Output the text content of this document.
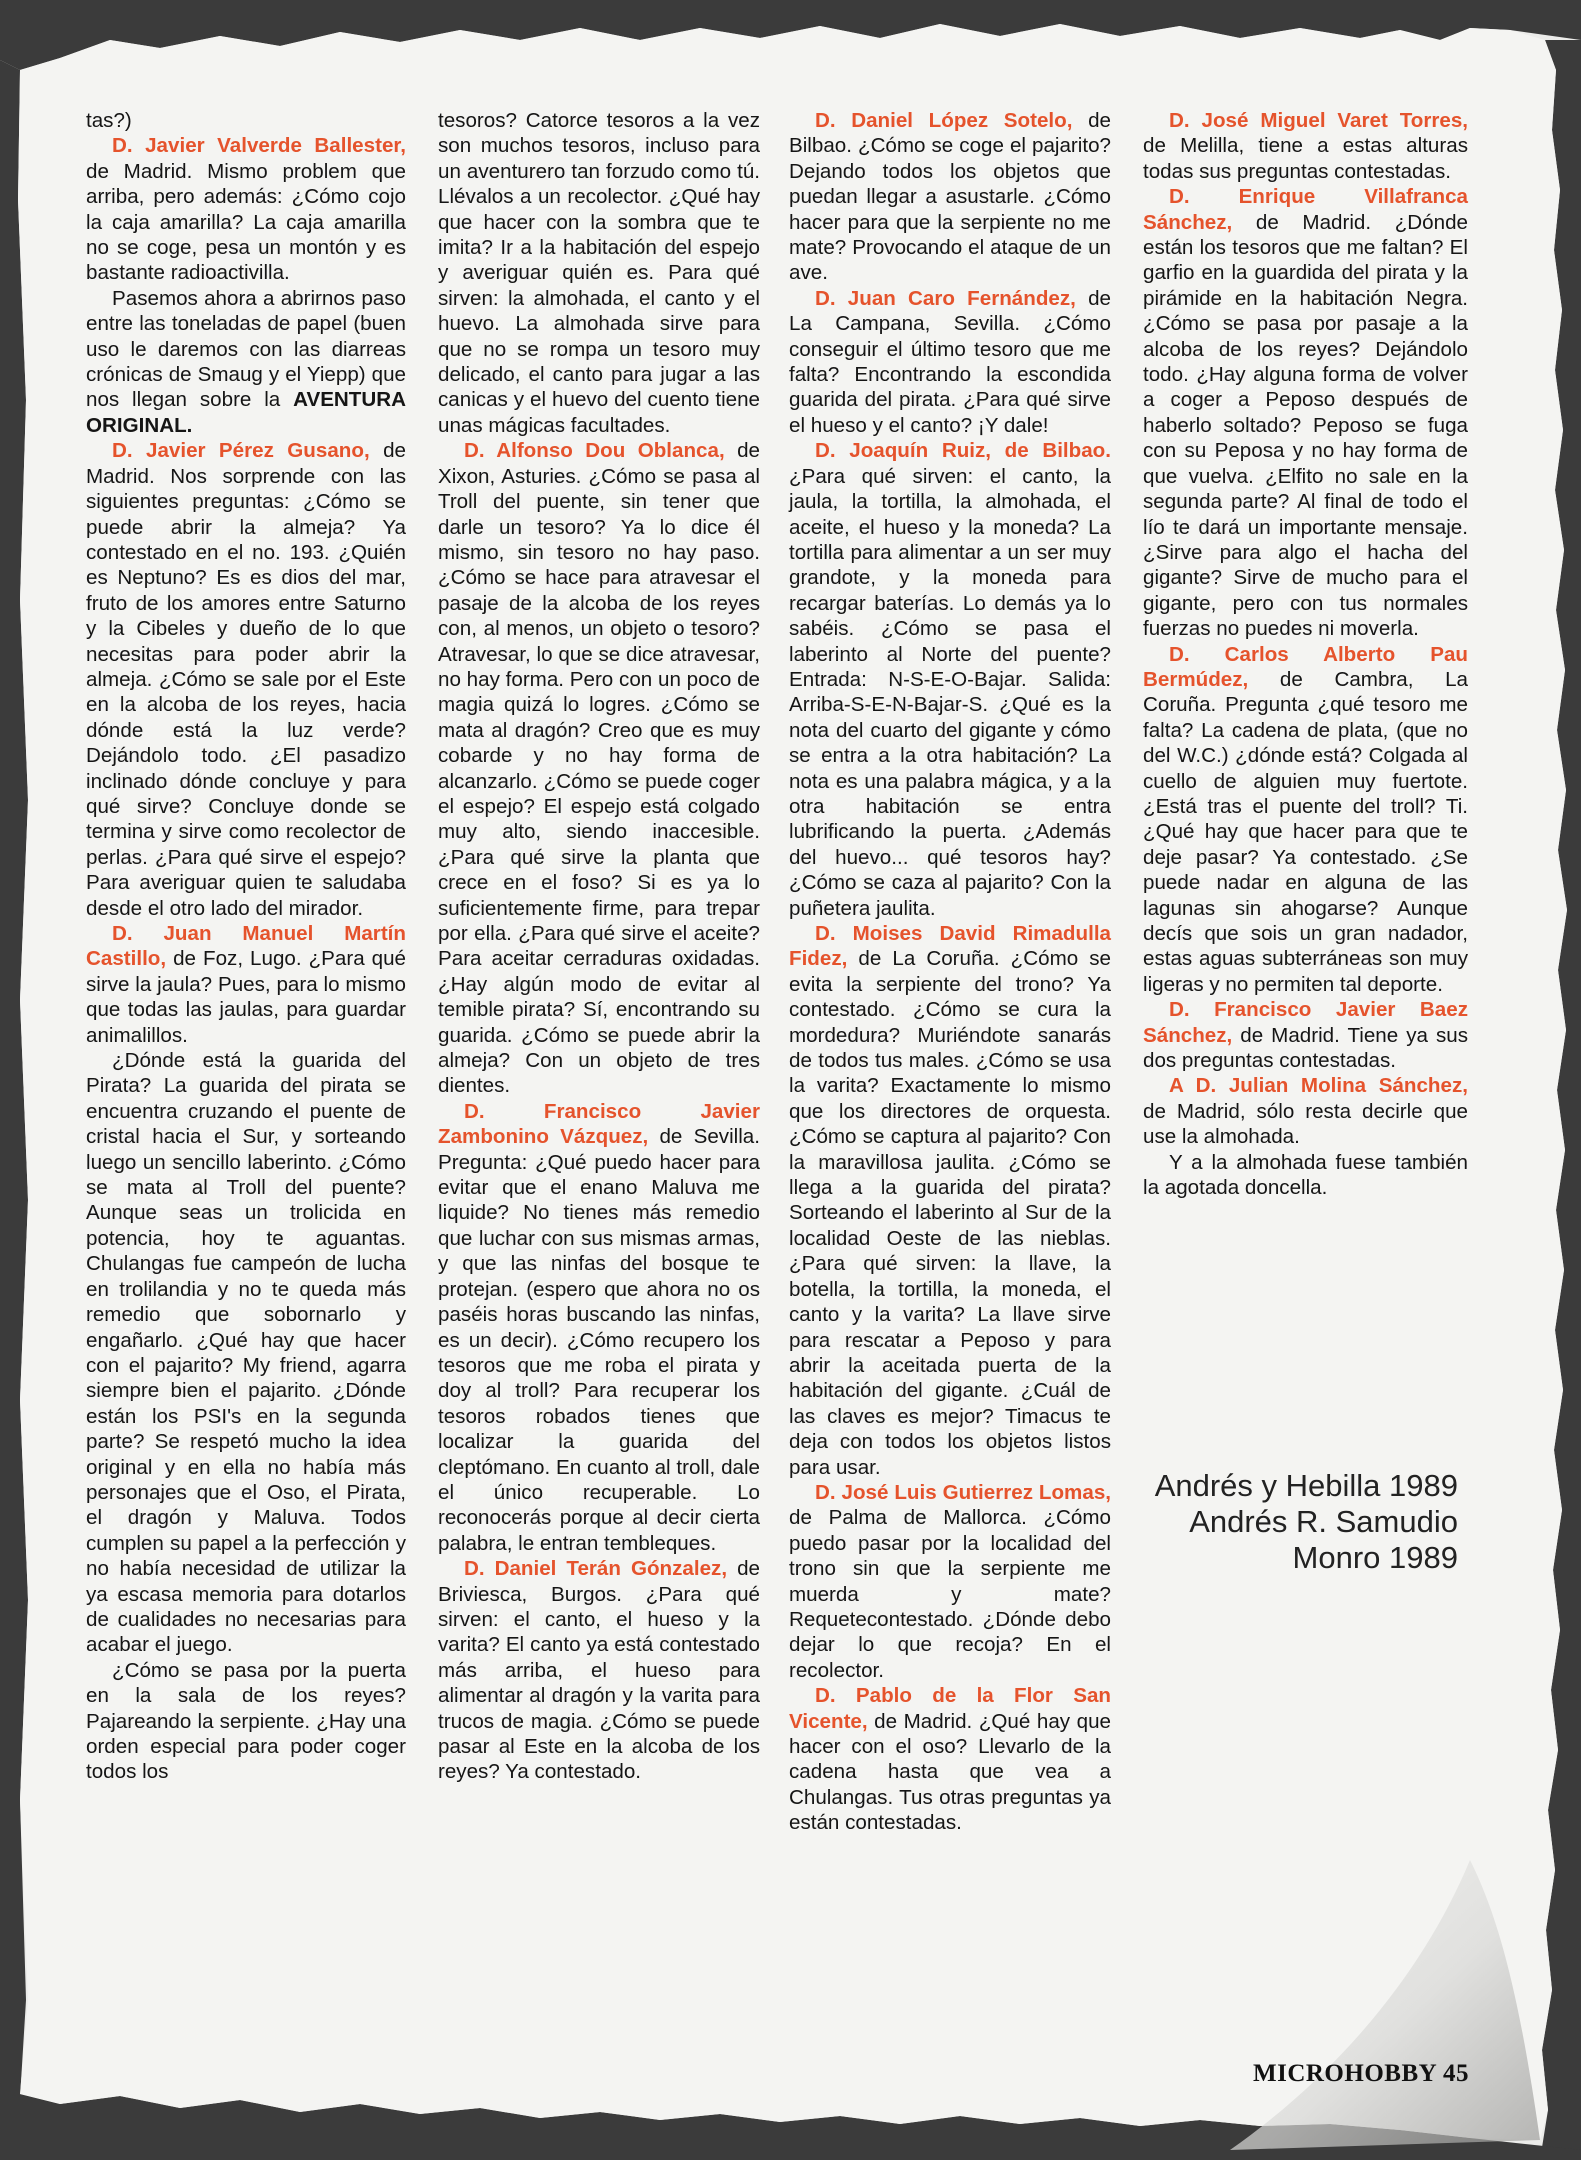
tas?)

D. Javier Valverde Ballester, de Madrid. Mismo problem que arriba, pero además: ¿Cómo cojo la caja amarilla? La caja amarilla no se coge, pesa un montón y es bastante radioactivilla.

Pasemos ahora a abrirnos paso entre las toneladas de papel (buen uso le daremos con las diarreas crónicas de Smaug y el Yiepp) que nos llegan sobre la AVENTURA ORIGINAL.

D. Javier Pérez Gusano, de Madrid. Nos sorprende con las siguientes preguntas: ¿Cómo se puede abrir la almeja? Ya contestado en el no. 193. ¿Quién es Neptuno? Es es dios del mar, fruto de los amores entre Saturno y la Cibeles y dueño de lo que necesitas para poder abrir la almeja. ¿Cómo se sale por el Este en la alcoba de los reyes, hacia dónde está la luz verde? Dejándolo todo. ¿El pasadizo inclinado dónde concluye y para qué sirve? Concluye donde se termina y sirve como recolector de perlas. ¿Para qué sirve el espejo? Para averiguar quien te saludaba desde el otro lado del mirador.

D. Juan Manuel Martín Castillo, de Foz, Lugo. ¿Para qué sirve la jaula? Pues, para lo mismo que todas las jaulas, para guardar animalillos.

¿Dónde está la guarida del Pirata? La guarida del pirata se encuentra cruzando el puente de cristal hacia el Sur, y sorteando luego un sencillo laberinto. ¿Cómo se mata al Troll del puente? Aunque seas un trolicida en potencia, hoy te aguantas. Chulangas fue campeón de lucha en trolilandia y no te queda más remedio que sobornarlo y engañarlo. ¿Qué hay que hacer con el pajarito? My friend, agarra siempre bien el pajarito. ¿Dónde están los PSI's en la segunda parte? Se respetó mucho la idea original y en ella no había más personajes que el Oso, el Pirata, el dragón y Maluva. Todos cumplen su papel a la perfección y no había necesidad de utilizar la ya escasa memoria para dotarlos de cualidades no necesarias para acabar el juego.

¿Cómo se pasa por la puerta en la sala de los reyes? Pajareando la serpiente. ¿Hay una orden especial para poder coger todos los

tesoros? Catorce tesoros a la vez son muchos tesoros, incluso para un aventurero tan forzudo como tú. Llévalos a un recolector. ¿Qué hay que hacer con la sombra que te imita? Ir a la habitación del espejo y averiguar quién es. Para qué sirven: la almohada, el canto y el huevo. La almohada sirve para que no se rompa un tesoro muy delicado, el canto para jugar a las canicas y el huevo del cuento tiene unas mágicas facultades.

D. Alfonso Dou Oblanca, de Xixon, Asturies. ¿Cómo se pasa al Troll del puente, sin tener que darle un tesoro? Ya lo dice él mismo, sin tesoro no hay paso. ¿Cómo se hace para atravesar el pasaje de la alcoba de los reyes con, al menos, un objeto o tesoro? Atravesar, lo que se dice atravesar, no hay forma. Pero con un poco de magia quizá lo logres. ¿Cómo se mata al dragón? Creo que es muy cobarde y no hay forma de alcanzarlo. ¿Cómo se puede coger el espejo? El espejo está colgado muy alto, siendo inaccesible. ¿Para qué sirve la planta que crece en el foso? Si es ya lo suficientemente firme, para trepar por ella. ¿Para qué sirve el aceite? Para aceitar cerraduras oxidadas. ¿Hay algún modo de evitar al temible pirata? Sí, encontrando su guarida. ¿Cómo se puede abrir la almeja? Con un objeto de tres dientes.

D. Francisco Javier Zambonino Vázquez, de Sevilla. Pregunta: ¿Qué puedo hacer para evitar que el enano Maluva me liquide? No tienes más remedio que luchar con sus mismas armas, y que las ninfas del bosque te protejan. (espero que ahora no os paséis horas buscando las ninfas, es un decir). ¿Cómo recupero los tesoros que me roba el pirata y doy al troll? Para recuperar los tesoros robados tienes que localizar la guarida del cleptómano. En cuanto al troll, dale el único recuperable. Lo reconocerás porque al decir cierta palabra, le entran tembleques.

D. Daniel Terán Gónzalez, de Briviesca, Burgos. ¿Para qué sirven: el canto, el hueso y la varita? El canto ya está contestado más arriba, el hueso para alimentar al dragón y la varita para trucos de magia. ¿Cómo se puede pasar al Este en la alcoba de los reyes? Ya contestado.

D. Daniel López Sotelo, de Bilbao. ¿Cómo se coge el pajarito? Dejando todos los objetos que puedan llegar a asustarle. ¿Cómo hacer para que la serpiente no me mate? Provocando el ataque de un ave.

D. Juan Caro Fernández, de La Campana, Sevilla. ¿Cómo conseguir el último tesoro que me falta? Encontrando la escondida guarida del pirata. ¿Para qué sirve el hueso y el canto? ¡Y dale!

D. Joaquín Ruiz, de Bilbao. ¿Para qué sirven: el canto, la jaula, la tortilla, la almohada, el aceite, el hueso y la moneda? La tortilla para alimentar a un ser muy grandote, y la moneda para recargar baterías. Lo demás ya lo sabéis. ¿Cómo se pasa el laberinto al Norte del puente? Entrada: N-S-E-O-Bajar. Salida: Arriba-S-E-N-Bajar-S. ¿Qué es la nota del cuarto del gigante y cómo se entra a la otra habitación? La nota es una palabra mágica, y a la otra habitación se entra lubrificando la puerta. ¿Además del huevo... qué tesoros hay? ¿Cómo se caza al pajarito? Con la puñetera jaulita.

D. Moises David Rimadulla Fidez, de La Coruña. ¿Cómo se evita la serpiente del trono? Ya contestado. ¿Cómo se cura la mordedura? Muriéndote sanarás de todos tus males. ¿Cómo se usa la varita? Exactamente lo mismo que los directores de orquesta. ¿Cómo se captura al pajarito? Con la maravillosa jaulita. ¿Cómo se llega a la guarida del pirata? Sorteando el laberinto al Sur de la localidad Oeste de las nieblas. ¿Para qué sirven: la llave, la botella, la tortilla, la moneda, el canto y la varita? La llave sirve para rescatar a Peposo y para abrir la aceitada puerta de la habitación del gigante. ¿Cuál de las claves es mejor? Timacus te deja con todos los objetos listos para usar.

D. José Luis Gutierrez Lomas, de Palma de Mallorca. ¿Cómo puedo pasar por la localidad del trono sin que la serpiente me muerda y mate? Requetecontestado. ¿Dónde debo dejar lo que recoja? En el recolector.

D. Pablo de la Flor San Vicente, de Madrid. ¿Qué hay que hacer con el oso? Llevarlo de la cadena hasta que vea a Chulangas. Tus otras preguntas ya están contestadas.

D. José Miguel Varet Torres, de Melilla, tiene a estas alturas todas sus preguntas contestadas.

D. Enrique Villafranca Sánchez, de Madrid. ¿Dónde están los tesoros que me faltan? El garfio en la guardida del pirata y la pirámide en la habitación Negra. ¿Cómo se pasa por pasaje a la alcoba de los reyes? Dejándolo todo. ¿Hay alguna forma de volver a coger a Peposo después de haberlo soltado? Peposo se fuga con su Peposa y no hay forma de que vuelva. ¿Elfito no sale en la segunda parte? Al final de todo el lío te dará un importante mensaje. ¿Sirve para algo el hacha del gigante? Sirve de mucho para el gigante, pero con tus normales fuerzas no puedes ni moverla.

D. Carlos Alberto Pau Bermúdez, de Cambra, La Coruña. Pregunta ¿qué tesoro me falta? La cadena de plata, (que no del W.C.) ¿dónde está? Colgada al cuello de alguien muy fuertote. ¿Está tras el puente del troll? Ti. ¿Qué hay que hacer para que te deje pasar? Ya contestado. ¿Se puede nadar en alguna de las lagunas sin ahogarse? Aunque decís que sois un gran nadador, estas aguas subterráneas son muy ligeras y no permiten tal deporte.

D. Francisco Javier Baez Sánchez, de Madrid. Tiene ya sus dos preguntas contestadas.

A D. Julian Molina Sánchez, de Madrid, sólo resta decirle que use la almohada.

Y a la almohada fuese también la agotada doncella.

Andrés y Hebilla 1989
Andrés R. Samudio
Monro 1989
MICROHOBBY 45
